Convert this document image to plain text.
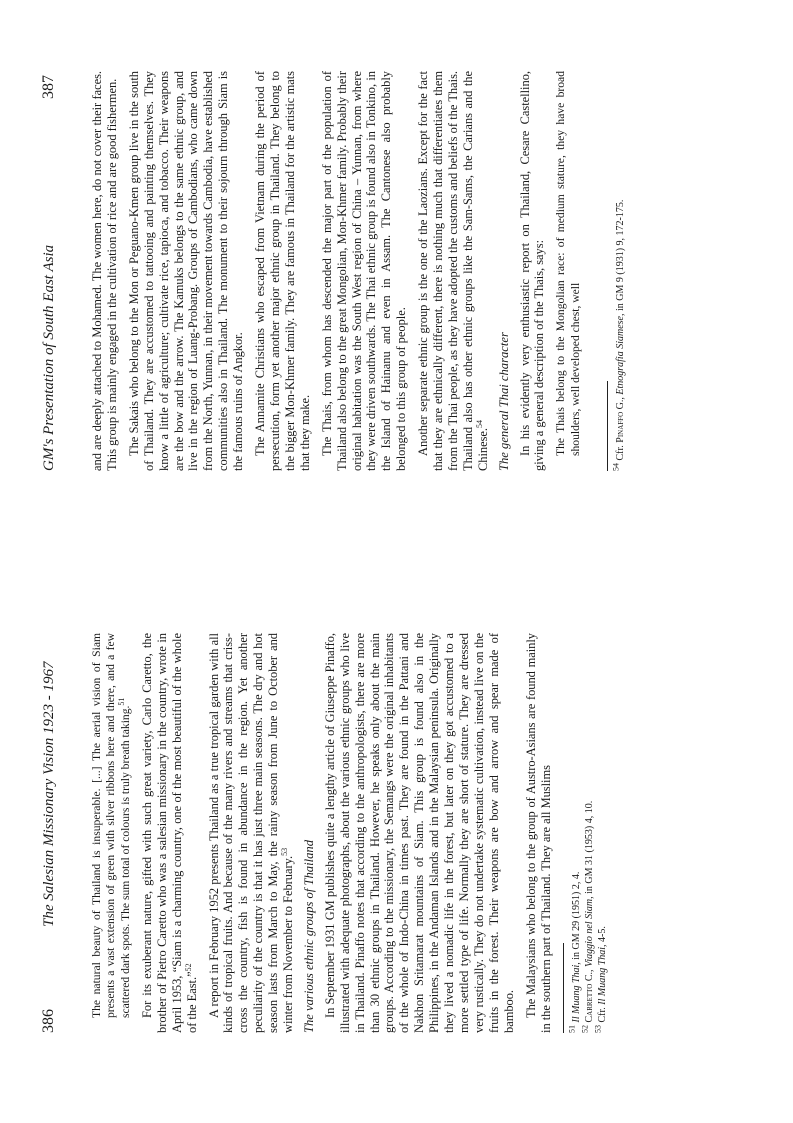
386
The Salesian Missionary Vision 1923 - 1967	The natural beauty of Thailand is insuperable. [...] The aerial vision of Siam presents a vast extension of green with silver ribbons here and there, and a few scattered dark spots. The sum total of colours is truly breath taking.$^{51}$	For its exuberant nature, gifted with such great variety, Carlo Caretto, the brother of Pietro Caretto who was a salesian missionary in the country, wrote in April 1953, “Siam is a charming country, one of the most beautiful of the whole of the East.”$^{52}$	A report in February 1952 presents Thailand as a true tropical garden with all kinds of tropical fruits. And because of the many rivers and streams that criss-cross the country, fish is found in abundance in the region. Yet another peculiarity of the country is that it has just three main seasons. The dry and hot season lasts from March to May, the rainy season from June to October and winter from November to February.$^{53}$	The various ethnic groups of Thailand In September 1931 GM publishes quite a lengthy article of Giuseppe Pinaffo, illustrated with adequate photographs, about the various ethnic groups who live in Thailand. Pinaffo notes that according to the anthropologists, there are more than 30 ethnic groups in Thailand. However, he speaks only about the main groups. According to the missionary, the Semangs were the original inhabitants of the whole of Indo-China in times past. They are found in the Pattani and Nakhon Sritamarat mountains of Siam. This group is found also in the Philippines, in the Andaman Islands and in the Malaysian peninsula. Originally they lived a nomadic life in the forest, but later on they got accustomed to a more settled type of life. Normally they are short of stature. They are dressed very rustically. They do not undertake systematic cultivation, instead live on the fruits in the forest. Their weapons are bow and arrow and spear made of bamboo. The Malaysians who belong to the group of Austro-Asians are found mainly in the southern part of Thailand. They are all Muslims $^{51}$ Il Muang Thai, in GM 29 (1951) 2, 4.
$^{52}$ Carretto C., Viaggio nel Siam, in GM 31 (1953) 4, 10.
$^{53}$ Cfr. Il Muang Thai, 4-5.
GM's Presentation of South East Asia
387	and are deeply attached to Mohamed. The women here, do not cover their faces. This group is mainly engaged in the cultivation of rice and are good fishermen. The Sakais who belong to the Mon or Peguano-Kmen group live in the south of Thailand. They are accustomed to tattooing and painting themselves. They know a little of agriculture; cultivate rice, tapioca, and tobacco. Their weapons are the bow and the arrow. The Kamuks belongs to the same ethnic group, and live in the region of Luang-Probang. Groups of Cambodians, who came down from the North, Yunnan, in their movement towards Cambodia, have established communities also in Thailand. The monument to their sojourn through Siam is the famous ruins of Angkor. The Annamite Christians who escaped from Vietnam during the period of persecution, form yet another major ethnic group in Thailand. They belong to the bigger Mon-Khmer family. They are famous in Thailand for the artistic mats that they make. The Thais, from whom has descended the major part of the population of Thailand also belong to the great Mongolian, Mon-Khmer family. Probably their original habitation was the South West region of China – Yunnan, from where they were driven southwards. The Thai ethnic group is found also in Tonkino, in the Island of Hainanu and even in Assam. The Cantonese also probably belonged to this group of people. Another separate ethnic group is the one of the Laozians. Except for the fact that they are ethnically different, there is nothing much that differentiates them from the Thai people, as they have adopted the customs and beliefs of the Thais. Thailand also has other ethnic groups like the Sam-Sams, the Carians and the Chinese.$^{54}$	The general Thai character In his evidently very enthusiastic report on Thailand, Cesare Castellino, giving a general description of the Thais, says: The Thais belong to the Mongolian race: of medium stature, they have broad shoulders, well developed chest, well

$^{54}$ Cfr. Pinaffo G., Etnografia Siamese, in GM 9 (1931) 9, 172-175.
